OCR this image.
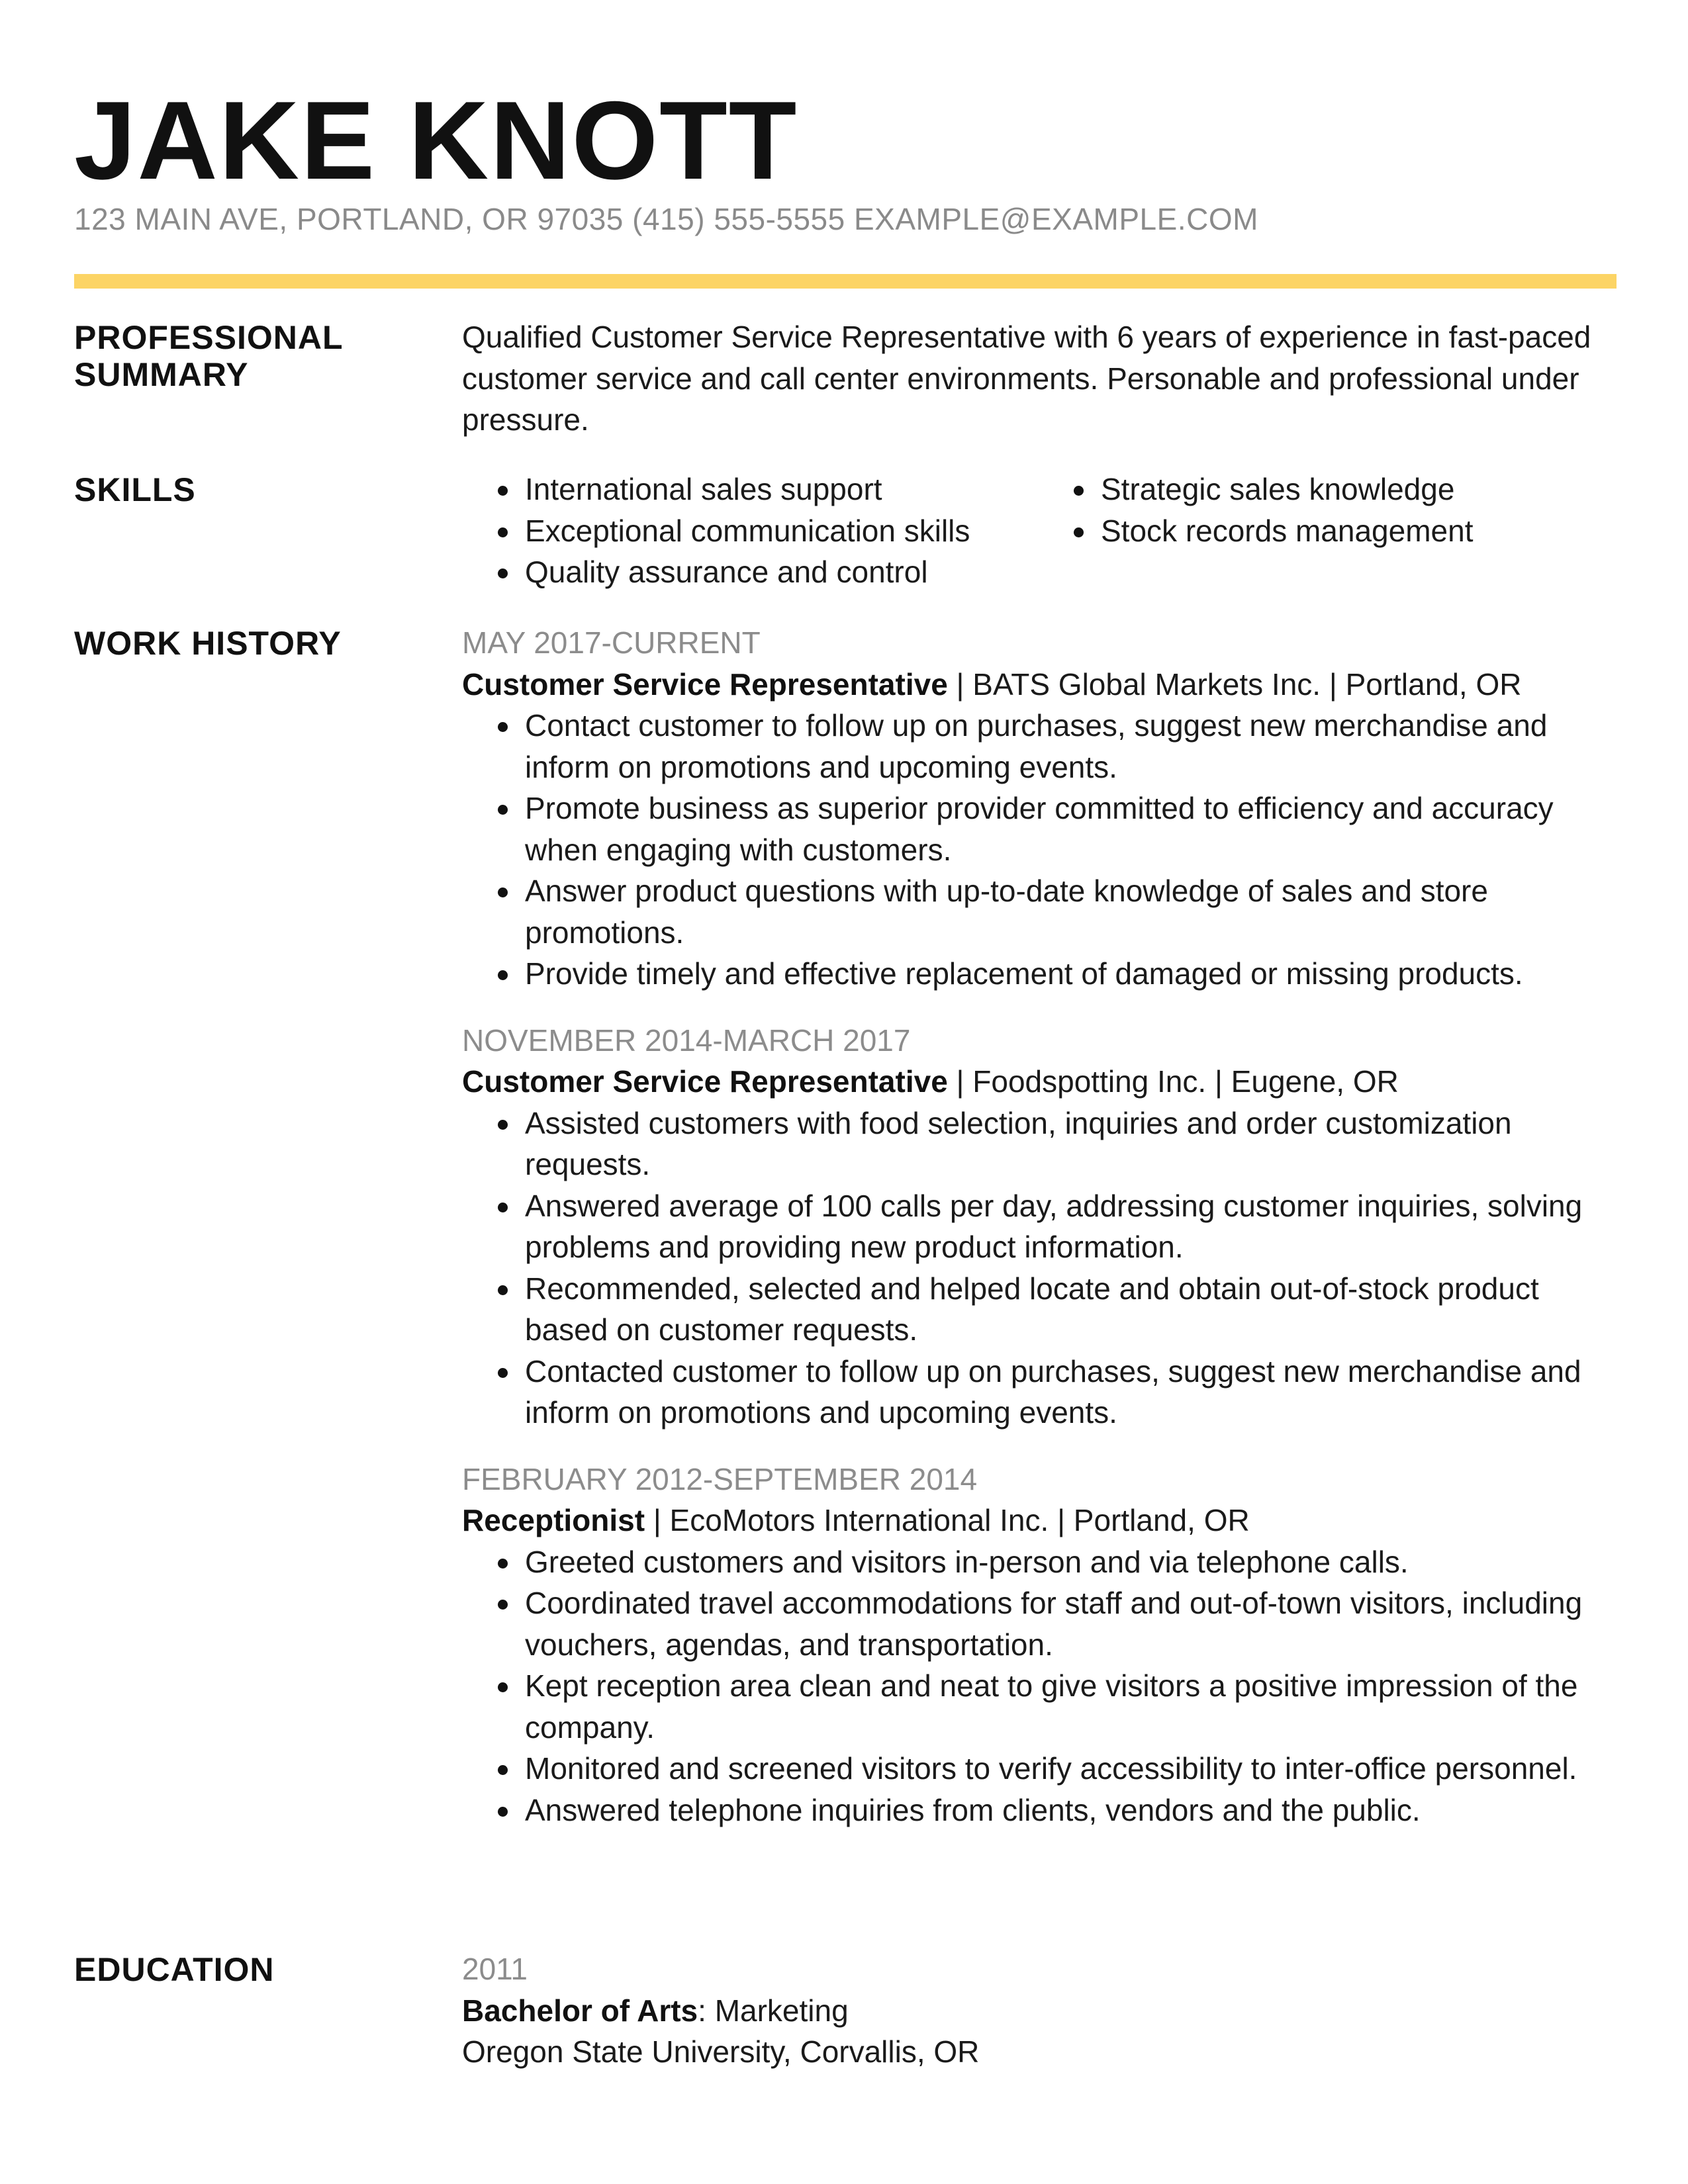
JAKE KNOTT
123 MAIN AVE, PORTLAND, OR 97035 (415) 555-5555 EXAMPLE@EXAMPLE.COM
PROFESSIONAL
SUMMARY

Qualified Customer Service Representative with 6 years of experience in fast-paced customer service and call center environments. Personable and professional under pressure.

SKILLS	International sales support
Exceptional communication skills
Quality assurance and control
Strategic sales knowledge
Stock records management
WORK HISTORY	MAY 2017-CURRENT
Customer Service Representative | BATS Global Markets Inc. | Portland, OR
Contact customer to follow up on purchases, suggest new merchandise and inform on promotions and upcoming events.
Promote business as superior provider committed to efficiency and accuracy when engaging with customers.
Answer product questions with up-to-date knowledge of sales and store promotions.
Provide timely and effective replacement of damaged or missing products.
NOVEMBER 2014-MARCH 2017
Customer Service Representative | Foodspotting Inc. | Eugene, OR
Assisted customers with food selection, inquiries and order customization requests.
Answered average of 100 calls per day, addressing customer inquiries, solving problems and providing new product information.
Recommended, selected and helped locate and obtain out-of-stock product based on customer requests.
Contacted customer to follow up on purchases, suggest new merchandise and inform on promotions and upcoming events.
FEBRUARY 2012-SEPTEMBER 2014
Receptionist | EcoMotors International Inc. | Portland, OR
Greeted customers and visitors in-person and via telephone calls.
Coordinated travel accommodations for staff and out-of-town visitors, including vouchers, agendas, and transportation.
Kept reception area clean and neat to give visitors a positive impression of the company.
Monitored and screened visitors to verify accessibility to inter-office personnel.
Answered telephone inquiries from clients, vendors and the public.
EDUCATION	2011
Bachelor of Arts: Marketing
Oregon State University, Corvallis, OR
